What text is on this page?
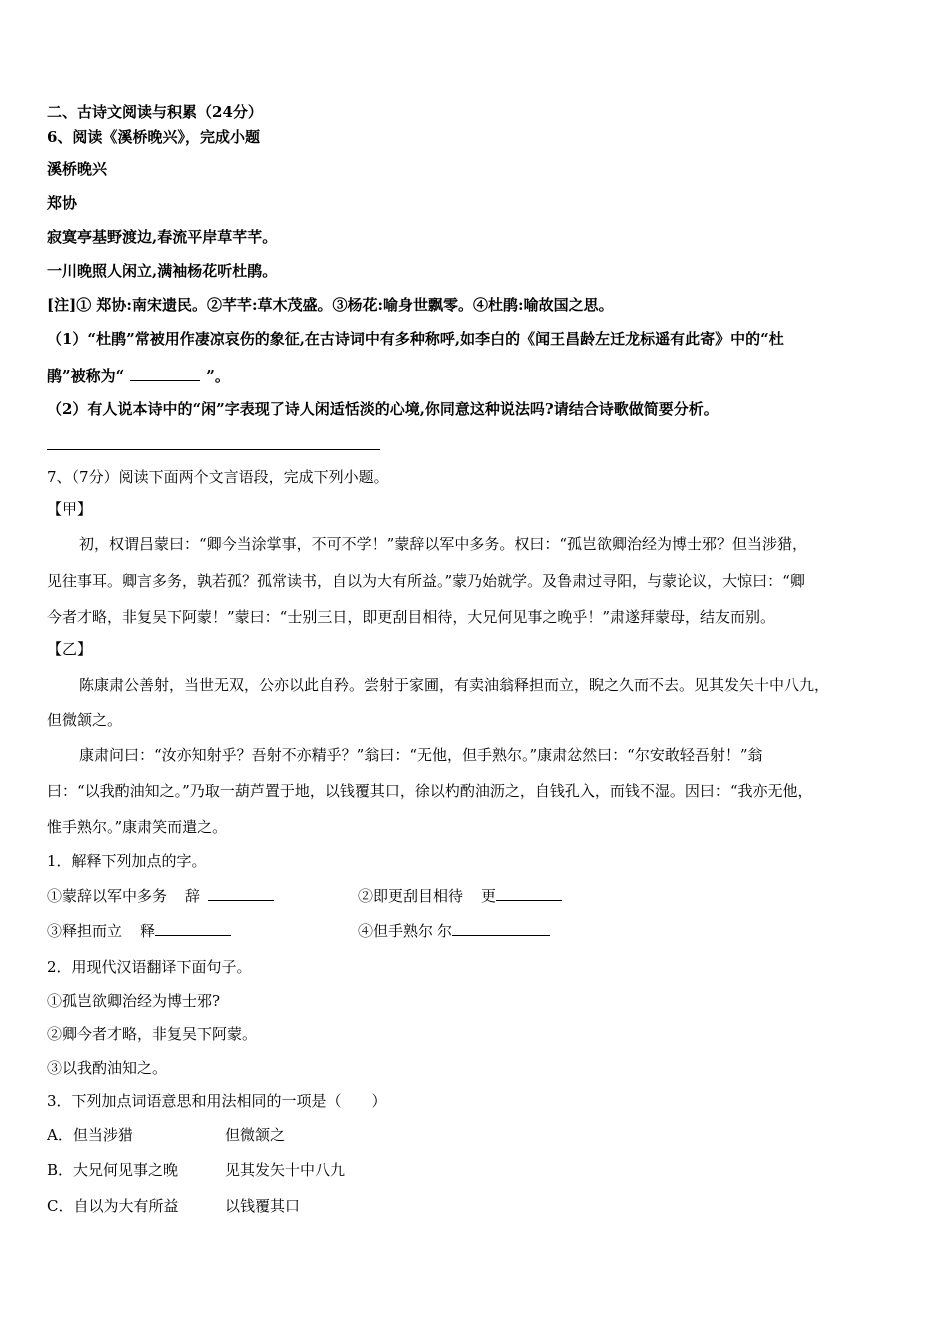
二、古诗文阅读与积累（24分）
6、阅读《溪桥晚兴》，完成小题
溪桥晚兴
郑协
寂寞亭基野渡边,春流平岸草芊芊。
一川晚照人闲立,满袖杨花听杜鹃。
[注]① 郑协:南宋遗民。②芊芊:草木茂盛。③杨花:喻身世飘零。④杜鹃:喻故国之思。
（1）“杜鹃”常被用作凄凉哀伤的象征,在古诗词中有多种称呼,如李白的《闻王昌龄左迁龙标遥有此寄》中的“杜
鹃”被称为“	”。
（2）有人说本诗中的“闲”字表现了诗人闲适恬淡的心境,你同意这种说法吗?请结合诗歌做简要分析。
7、（7分）阅读下面两个文言语段，完成下列小题。
【甲】
初，权谓吕蒙曰：“卿今当涂掌事，不可不学！”蒙辞以军中多务。权曰：“孤岂欲卿治经为博士邪？但当涉猎，
见往事耳。卿言多务，孰若孤？孤常读书，自以为大有所益。”蒙乃始就学。及鲁肃过寻阳，与蒙论议，大惊曰：“卿
今者才略，非复吴下阿蒙！”蒙曰：“士别三日，即更刮目相待，大兄何见事之晚乎！”肃遂拜蒙母，结友而别。
【乙】
陈康肃公善射，当世无双，公亦以此自矜。尝射于家圃，有卖油翁释担而立，睨之久而不去。见其发矢十中八九，
但微颔之。
康肃问曰：“汝亦知射乎？吾射不亦精乎？”翁曰：“无他，但手熟尔。”康肃忿然曰：“尔安敢轻吾射！”翁
曰：“以我酌油知之。”乃取一葫芦置于地，以钱覆其口，徐以杓酌油沥之，自钱孔入，而钱不湿。因曰：“我亦无他，
惟手熟尔。”康肃笑而遣之。
1．解释下列加点的字。
①蒙辞以军中多务 辞	②即更刮目相待 更
③释担而立 释	④但手熟尔 尔
2．用现代汉语翻译下面句子。
①孤岂欲卿治经为博士邪?
②卿今者才略，非复吴下阿蒙。
③以我酌油知之。
3．下列加点词语意思和用法相同的一项是（　　）
A．但当涉猎	但微颔之
B．大兄何见事之晚	见其发矢十中八九
C．自以为大有所益	以钱覆其口
